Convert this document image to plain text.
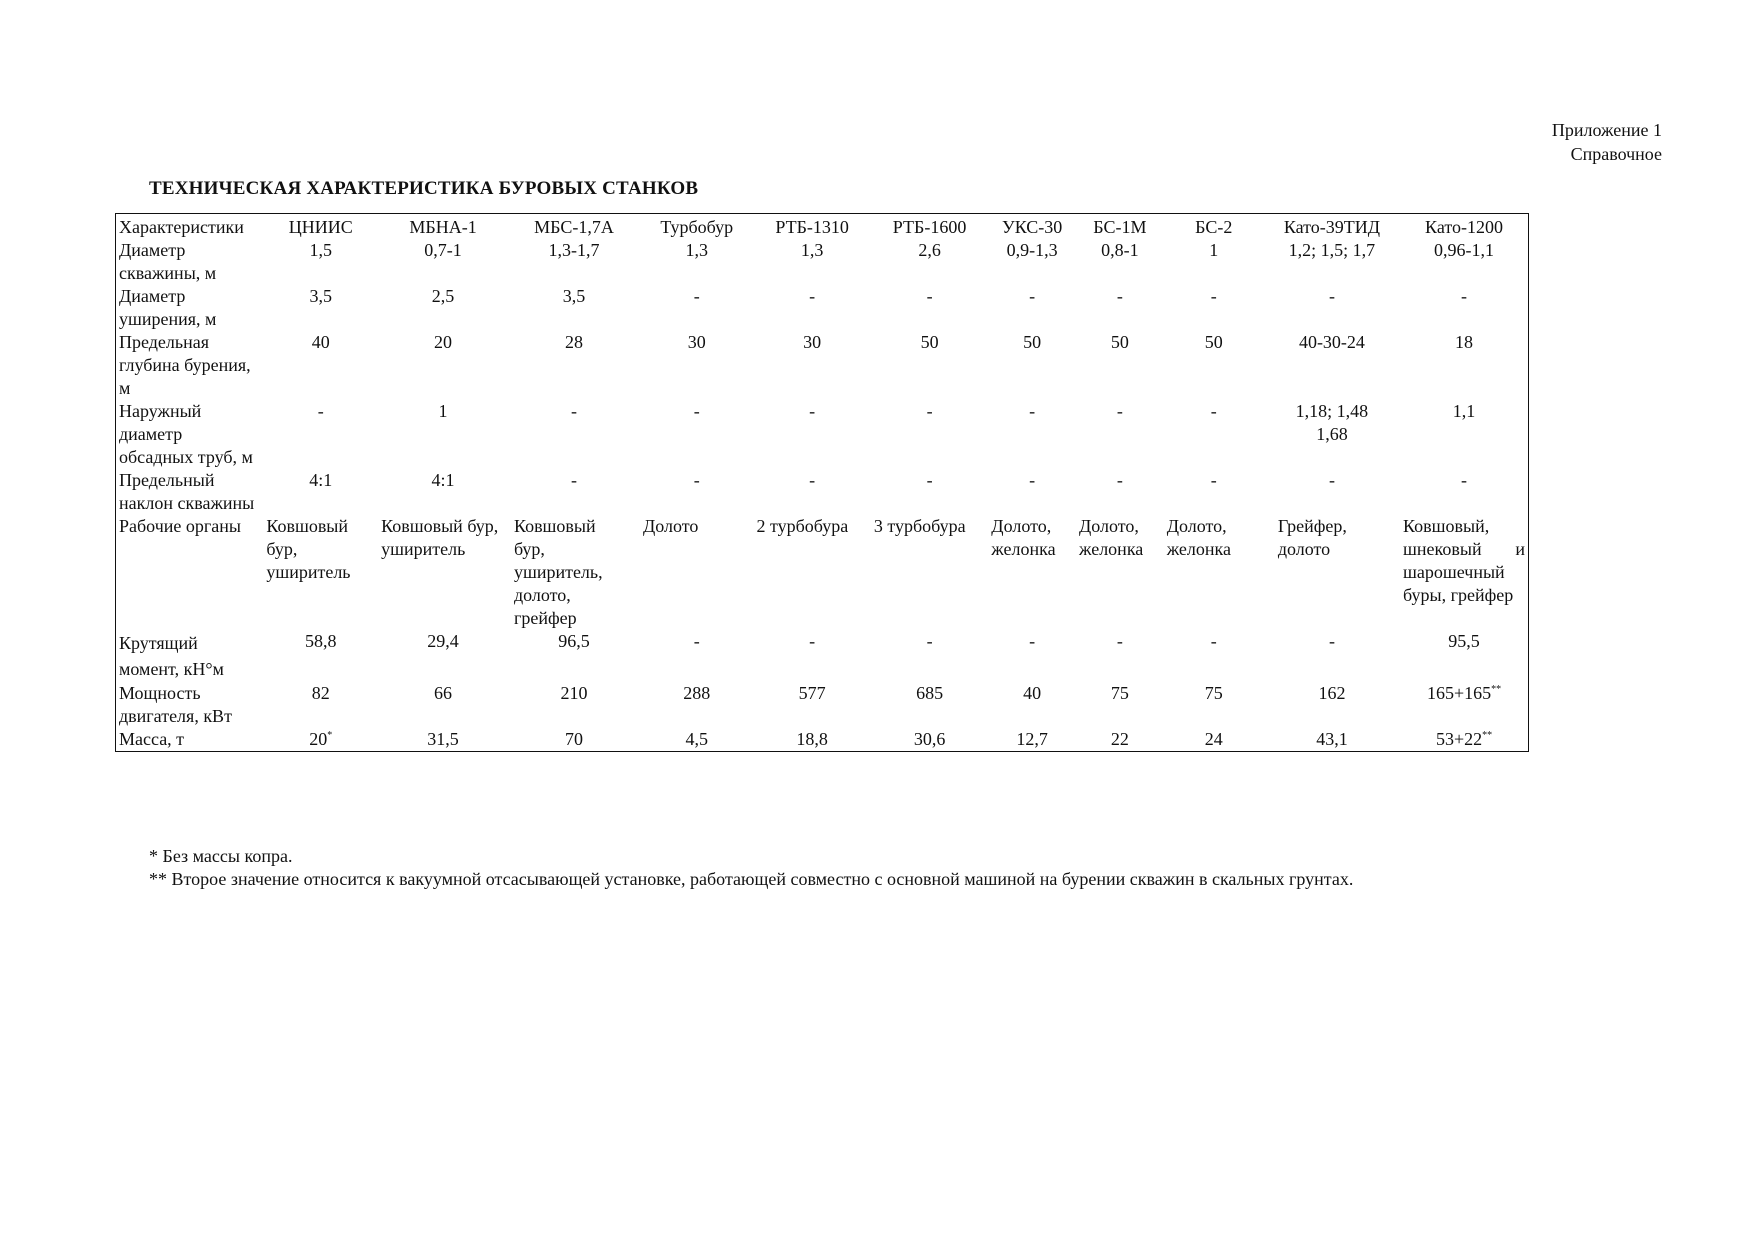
Приложение 1
Справочное
ТЕХНИЧЕСКАЯ ХАРАКТЕРИСТИКА БУРОВЫХ СТАНКОВ
Характеристики	ЦНИИС	МБНА-1	МБС-1,7А	Турбобур	РТБ-1310	РТБ-1600	УКС-30	БС-1М	БС-2	Като-39ТИД	Като-1200
Диаметр скважины, м	1,5	0,7-1	1,3-1,7	1,3	1,3	2,6	0,9-1,3	0,8-1	1	1,2; 1,5; 1,7	0,96-1,1
Диаметр уширения, м	3,5	2,5	3,5	-	-	-	-	-	-	-	-
Предельная глубина бурения, м	40	20	28	30	30	50	50	50	50	40-30-24	18
Наружный диаметр обсадных труб, м	-	1	-	-	-	-	-	-	-	1,18; 1,48 1,68	1,1
Предельный наклон скважины	4:1	4:1	-	-	-	-	-	-	-	-	-
Рабочие органы	Ковшовый бур, уширитель	Ковшовый бур, уширитель	Ковшовый бур, уширитель, долото, грейфер	Долото	2 турбобура	3 турбобура	Долото, желонка	Долото, желонка	Долото, желонка	Грейфер, долото	Ковшовый, шнековый и шарошечный буры, грейфер
Крутящий момент, кН°м	58,8	29,4	96,5	-	-	-	-	-	-	-	95,5
Мощность двигателя, кВт	82	66	210	288	577	685	40	75	75	162	165+165**
Масса, т	20*	31,5	70	4,5	18,8	30,6	12,7	22	24	43,1	53+22**
* Без массы копра.
** Второе значение относится к вакуумной отсасывающей установке, работающей совместно с основной машиной на бурении скважин в скальных грунтах.
